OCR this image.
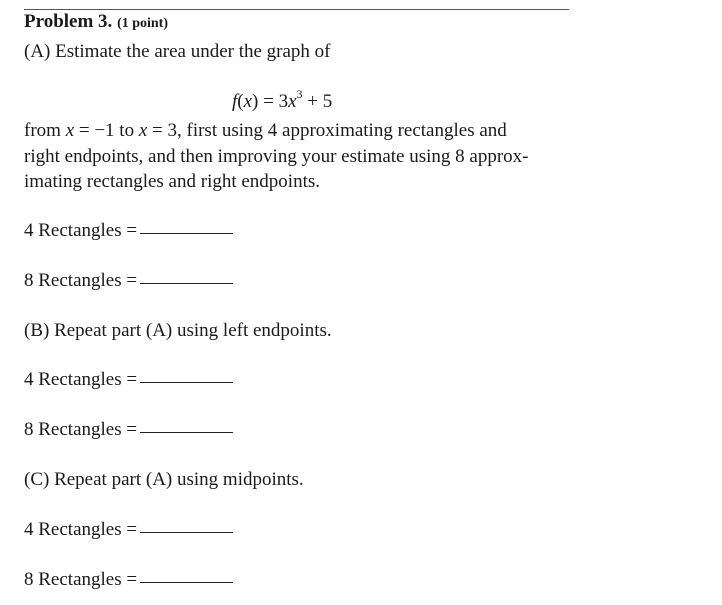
Problem 3. (1 point)
(A) Estimate the area under the graph of
$f(x) = 3x^3 + 5$
from x = −1 to x = 3, first using 4 approximating rectangles and
right endpoints, and then improving your estimate using 8 approx-
imating rectangles and right endpoints.
4 Rectangles =
8 Rectangles =
(B) Repeat part (A) using left endpoints.
4 Rectangles =
8 Rectangles =
(C) Repeat part (A) using midpoints.
4 Rectangles =
8 Rectangles =
